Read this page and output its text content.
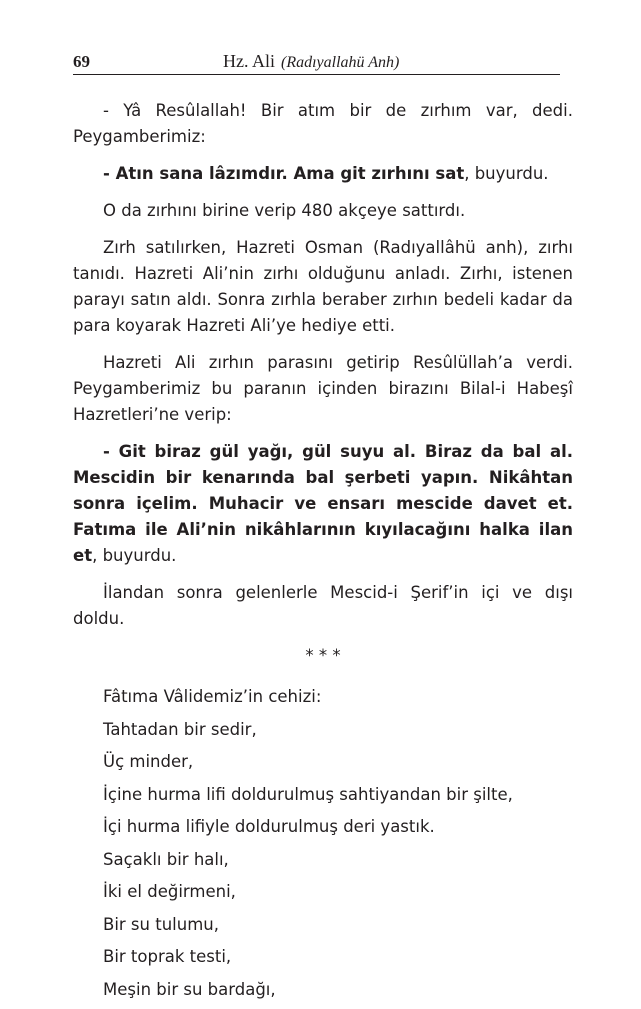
69	Hz. Ali (Radıyallahü Anh)

- Yâ Resûlallah! Bir atım bir de zırhım var, dedi. Peygamberimiz:

- Atın sana lâzımdır. Ama git zırhını sat, buyurdu.

O da zırhını birine verip 480 akçeye sattırdı.

Zırh satılırken, Hazreti Osman (Radıyallâhü anh), zırhı tanıdı. Hazreti Ali’nin zırhı olduğunu anladı. Zırhı, istenen parayı satın aldı. Sonra zırhla beraber zırhın bedeli kadar da para koyarak Hazreti Ali’ye hediye etti.

Hazreti Ali zırhın parasını getirip Resûlüllah’a verdi. Peygamberimiz bu paranın içinden birazını Bilal-i Habeşî Hazretleri’ne verip:

- Git biraz gül yağı, gül suyu al. Biraz da bal al. Mescidin bir kenarında bal şerbeti yapın. Nikâhtan sonra içelim. Muhacir ve ensarı mescide davet et. Fatıma ile Ali’nin nikâhlarının kıyılacağını halka ilan et, buyurdu.

İlandan sonra gelenlerle Mescid-i Şerif’in içi ve dışı doldu.

* * *

Fâtıma Vâlidemiz’in cehizi:

Tahtadan bir sedir,

Üç minder,

İçine hurma lifi doldurulmuş sahtiyandan bir şilte,

İçi hurma lifiyle doldurulmuş deri yastık.

Saçaklı bir halı,

İki el değirmeni,

Bir su tulumu,

Bir toprak testi,

Meşin bir su bardağı,
